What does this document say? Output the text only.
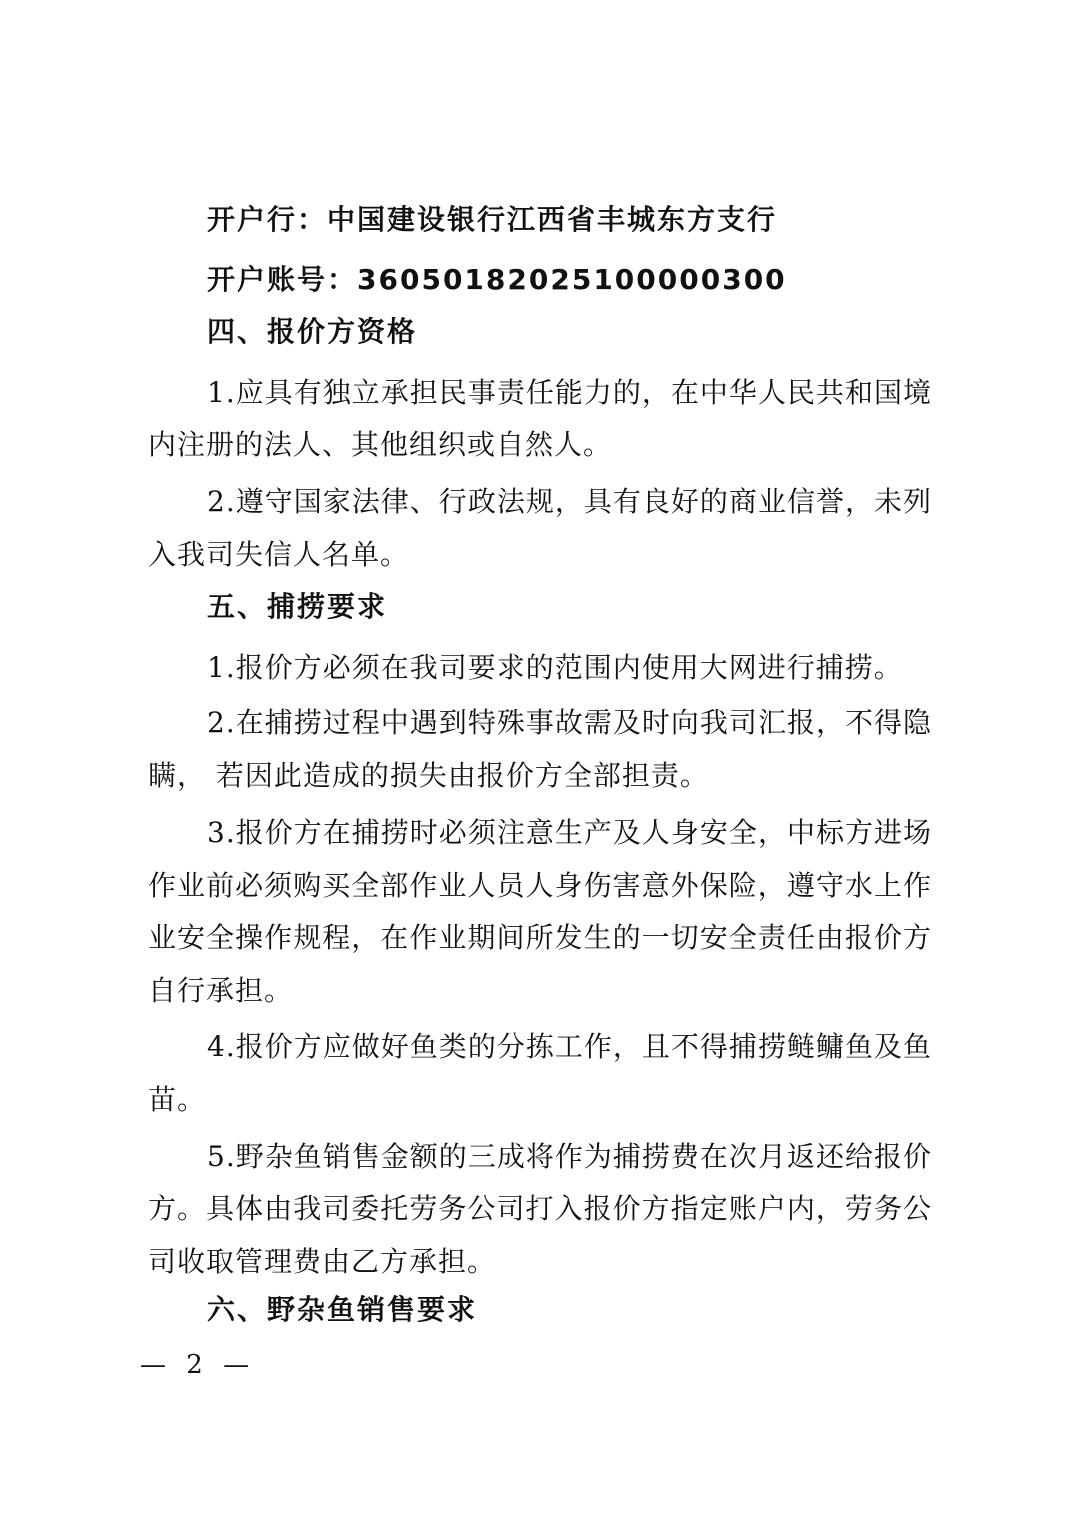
开户行：中国建设银行江西省丰城东方支行
开户账号：36050182025100000300
四、报价方资格
1.应具有独立承担民事责任能力的，在中华人民共和国境
内注册的法人、其他组织或自然人。
2.遵守国家法律、行政法规，具有良好的商业信誉，未列
入我司失信人名单。
五、捕捞要求
1.报价方必须在我司要求的范围内使用大网进行捕捞。
2.在捕捞过程中遇到特殊事故需及时向我司汇报，不得隐
瞒， 若因此造成的损失由报价方全部担责。
3.报价方在捕捞时必须注意生产及人身安全，中标方进场
作业前必须购买全部作业人员人身伤害意外保险，遵守水上作
业安全操作规程，在作业期间所发生的一切安全责任由报价方
自行承担。
4.报价方应做好鱼类的分拣工作，且不得捕捞鲢鳙鱼及鱼
苗。
5.野杂鱼销售金额的三成将作为捕捞费在次月返还给报价
方。具体由我司委托劳务公司打入报价方指定账户内，劳务公
司收取管理费由乙方承担。
六、野杂鱼销售要求
— 2 —
